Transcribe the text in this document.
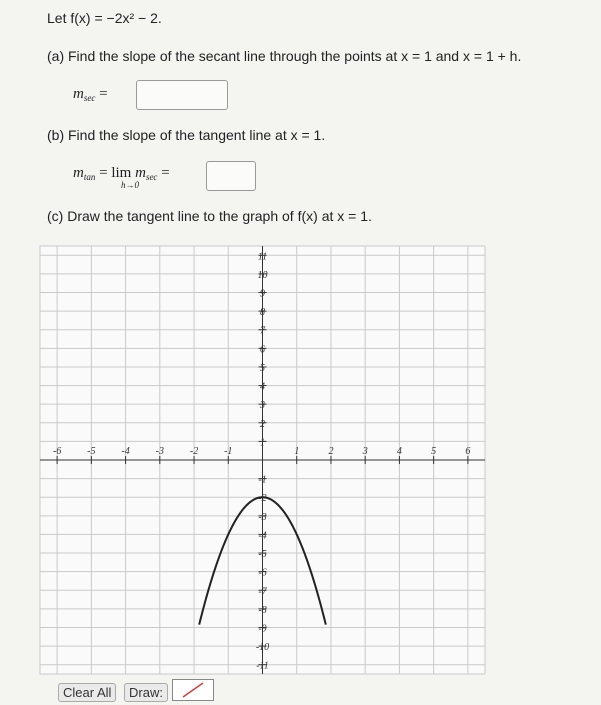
Let f(x) = −2x² − 2.
(a) Find the slope of the secant line through the points at x = 1 and x = 1 + h.
$m_{sec}$ =
(b) Find the slope of the tangent line at x = 1.
$m_{tan} = \lim m_{sec}$ =
h→0
(c) Draw the tangent line to the graph of f(x) at x = 1.
-6	-5	-4	-3	-2	-1	1	2	3	4	5	6
11
10
9
8
7
6
5
4
3
2
1
-1
-2
-3
-4
-5
-6
-7
-8
-9
-10
-11
Clear All	Draw:
